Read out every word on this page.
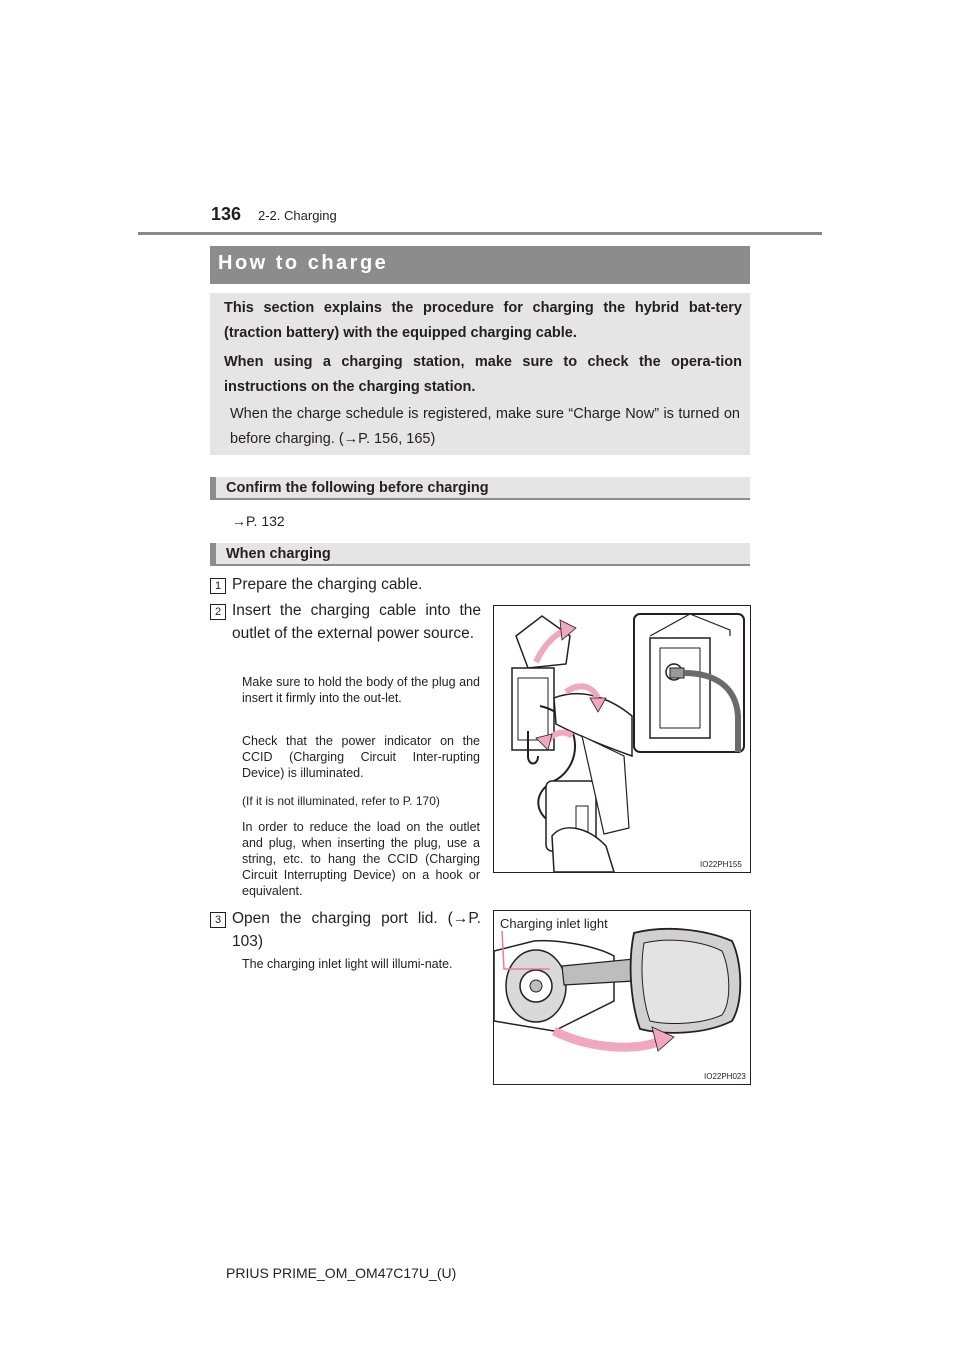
136 2-2. Charging
How to charge
This section explains the procedure for charging the hybrid bat-tery (traction battery) with the equipped charging cable.
When using a charging station, make sure to check the opera-tion instructions on the charging station.
When the charge schedule is registered, make sure “Charge Now” is turned on before charging. (→P. 156, 165)
Confirm the following before charging
→P. 132
When charging
1 Prepare the charging cable.
2 Insert the charging cable into the outlet of the external power source.
Make sure to hold the body of the plug and insert it firmly into the out-let.
Check that the power indicator on the CCID (Charging Circuit Inter-rupting Device) is illuminated.
(If it is not illuminated, refer to P. 170)
In order to reduce the load on the outlet and plug, when inserting the plug, use a string, etc. to hang the CCID (Charging Circuit Interrupting Device) on a hook or equivalent.
3 Open the charging port lid. (→P. 103)
The charging inlet light will illumi-nate.
IO22PH155
Charging inlet light
IO22PH023
PRIUS PRIME_OM_OM47C17U_(U)
